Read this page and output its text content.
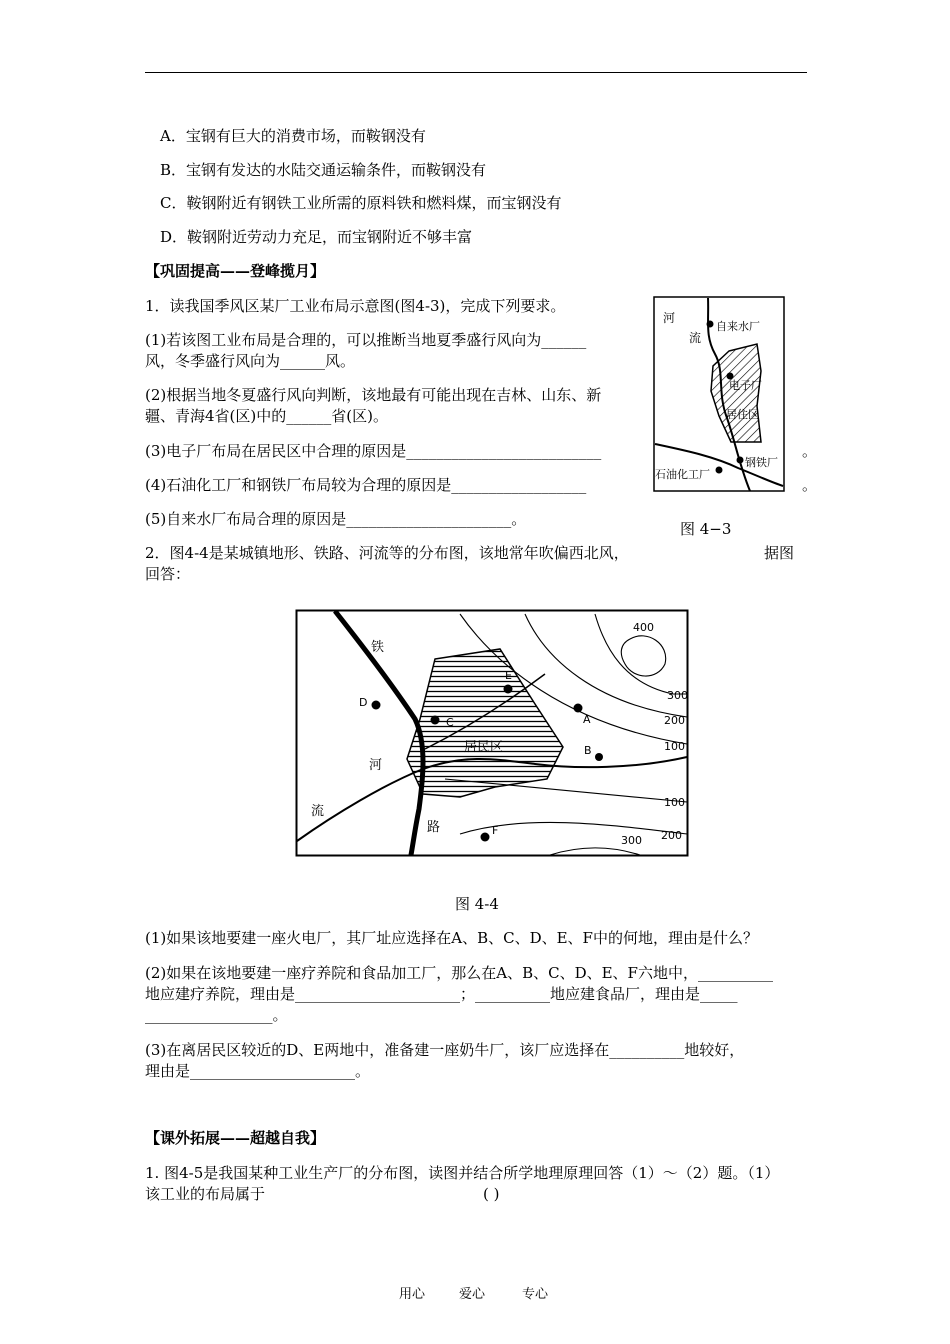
A．宝钢有巨大的消费市场，而鞍钢没有
B．宝钢有发达的水陆交通运输条件，而鞍钢没有
C．鞍钢附近有钢铁工业所需的原料铁和燃料煤，而宝钢没有
D．鞍钢附近劳动力充足，而宝钢附近不够丰富
【巩固提高——登峰揽月】
1．读我国季风区某厂工业布局示意图(图4-3)，完成下列要求。
(1)若该图工业布局是合理的，可以推断当地夏季盛行风向为______
风，冬季盛行风向为______风。
(2)根据当地冬夏盛行风向判断，该地最有可能出现在吉林、山东、新
疆、青海4省(区)中的______省(区)。
(3)电子厂布局在居民区中合理的原因是__________________________	。
(4)石油化工厂和钢铁厂布局较为合理的原因是__________________	。
(5)自来水厂布局合理的原因是______________________。
河
流
自来水厂
电子厂
居住区
石油化工厂
钢铁厂
图 4−3
2．图4-4是某城镇地形、铁路、河流等的分布图，该地常年吹偏西北风，	据图
回答：
B
A
C
D
E
F
400
300
200
100
100
200
300
铁
路
河
流
居民区
图 4-4
(1)如果该地要建一座火电厂，其厂址应选择在A、B、C、D、E、F中的何地，理由是什么？
(2)如果在该地要建一座疗养院和食品加工厂，那么在A、B、C、D、E、F六地中，__________
地应建疗养院，理由是______________________；__________地应建食品厂，理由是_____
_________________。
(3)在离居民区较近的D、E两地中，准备建一座奶牛厂，该厂应选择在__________地较好，
理由是______________________。
【课外拓展——超越自我】
1. 图4-5是我国某种工业生产厂的分布图，读图并结合所学地理原理回答（1）～（2）题。（1）
该工业的布局属于	( )
用心	爱心	专心
